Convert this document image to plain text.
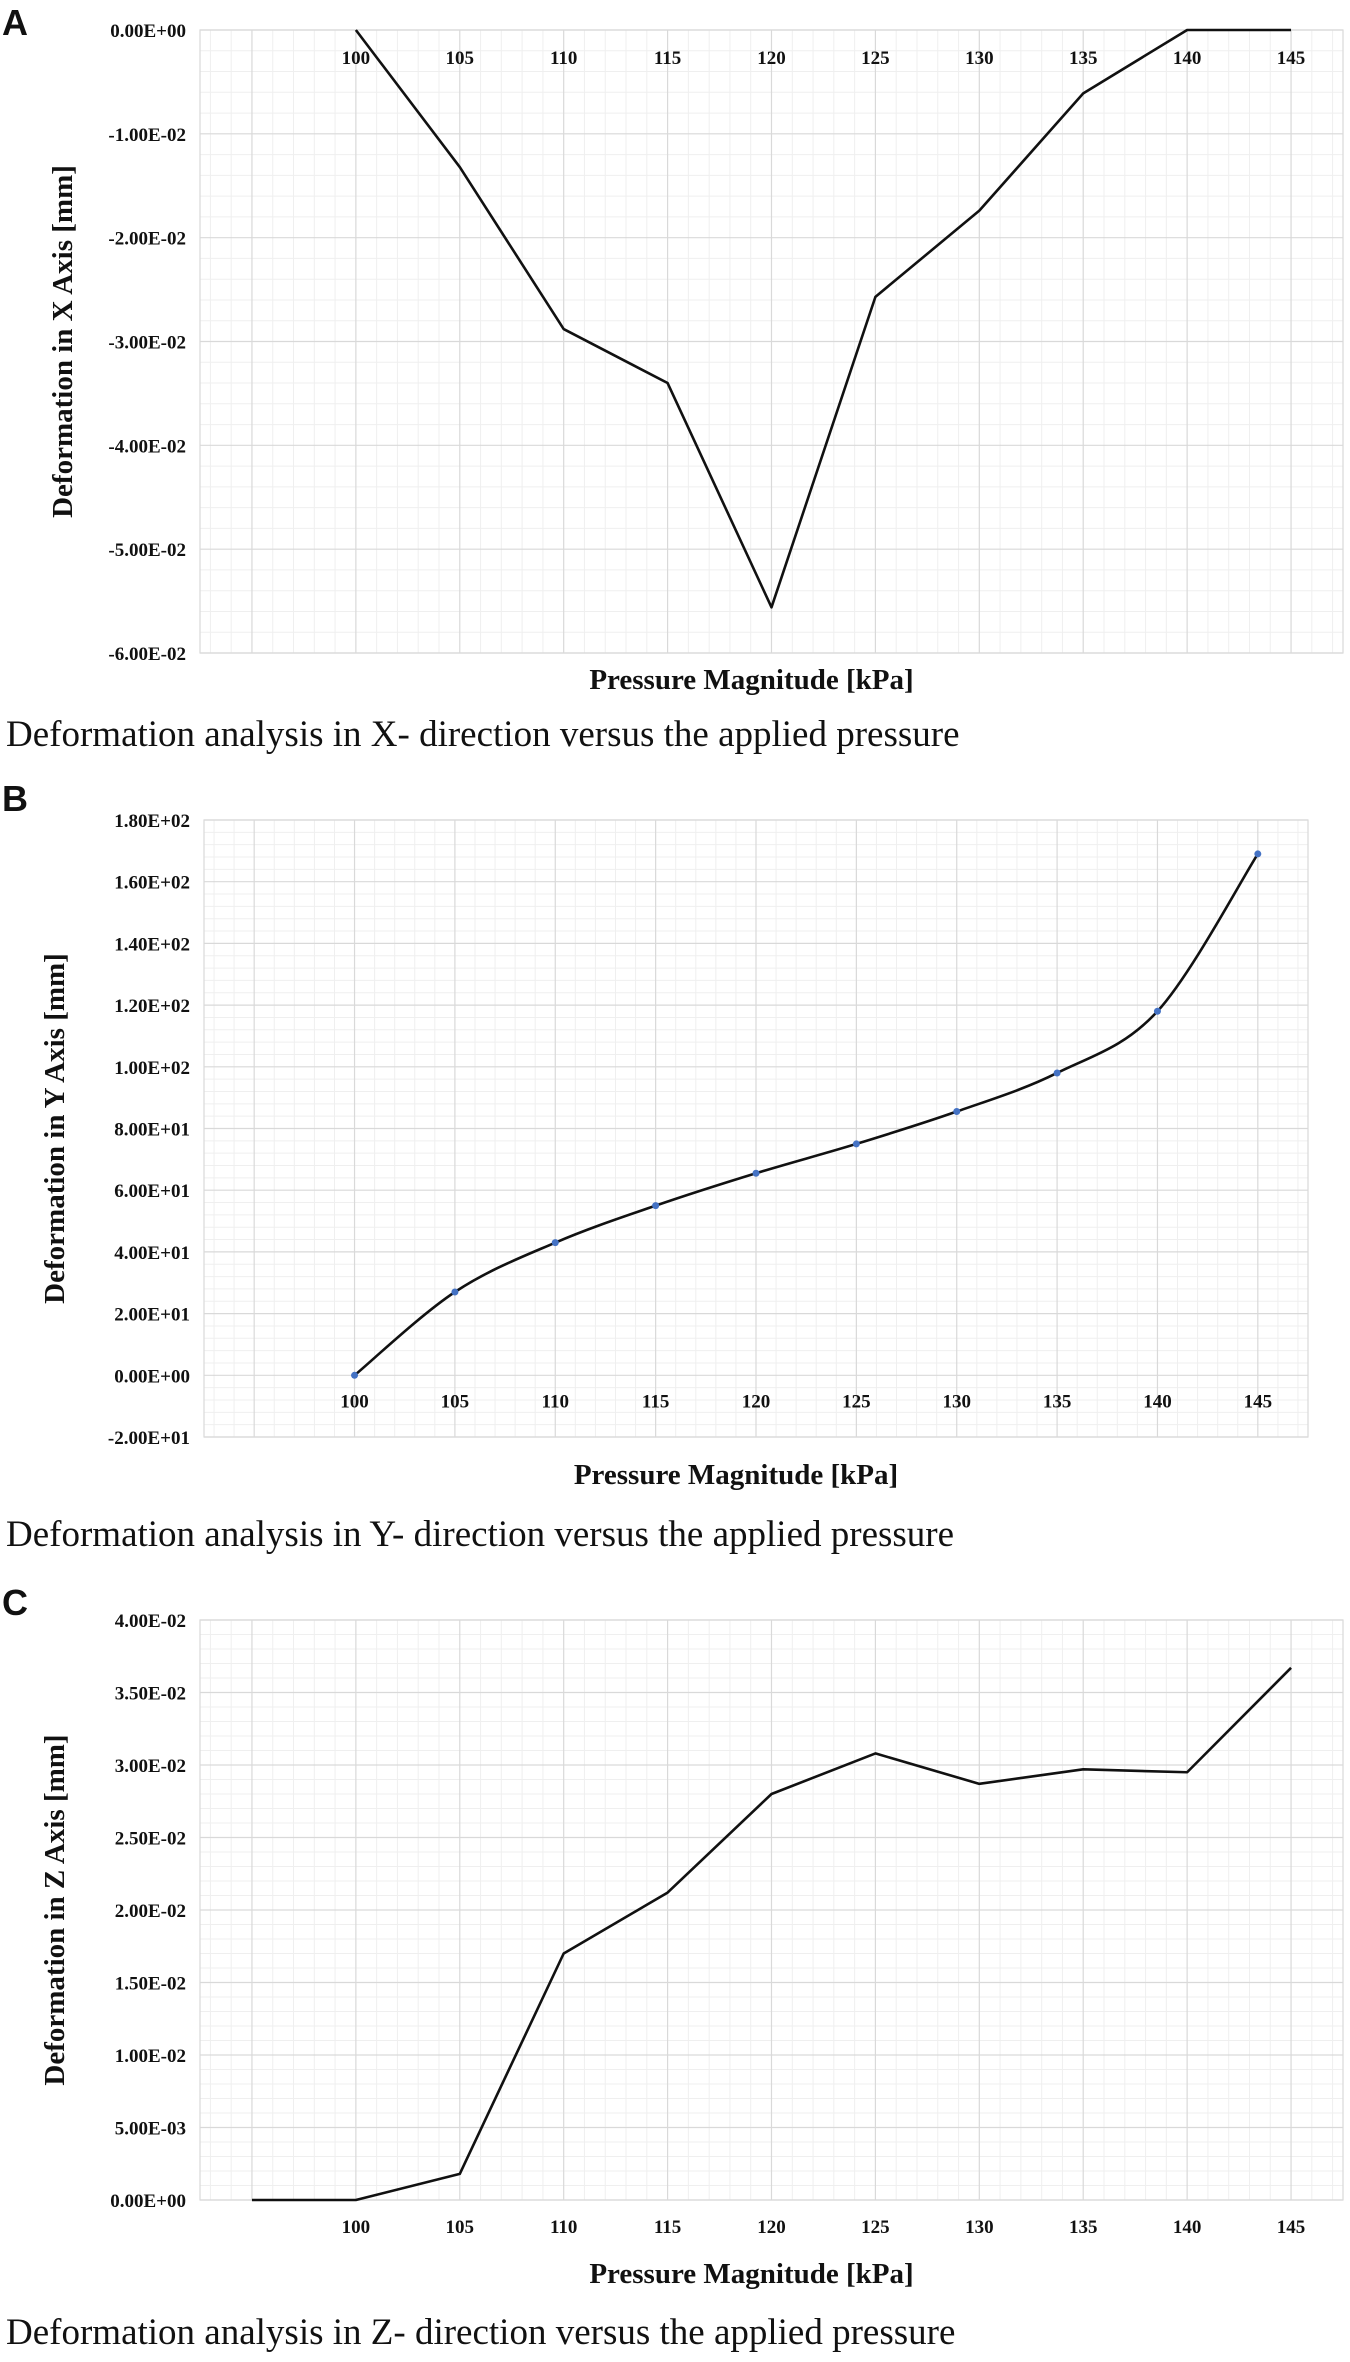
0.00E+00
-1.00E-02
-2.00E-02
-3.00E-02
-4.00E-02
-5.00E-02
-6.00E-02
100	105	110	115	120	125	130	135	140	145
Pressure Magnitude [kPa]
Deformation in X Axis [mm]
A
Deformation analysis in X- direction versus the applied pressure
1.80E+02
1.60E+02
1.40E+02
1.20E+02
1.00E+02
8.00E+01
6.00E+01
4.00E+01
2.00E+01
0.00E+00
-2.00E+01
100	105	110	115	120	125	130	135	140	145
Pressure Magnitude [kPa]
Deformation in Y Axis [mm]
B
Deformation analysis in Y- direction versus the applied pressure
4.00E-02
3.50E-02
3.00E-02
2.50E-02
2.00E-02
1.50E-02
1.00E-02
5.00E-03
0.00E+00
100	105	110	115	120	125	130	135	140	145
Pressure Magnitude [kPa]
Deformation in Z Axis [mm]
C
Deformation analysis in Z- direction versus the applied pressure
